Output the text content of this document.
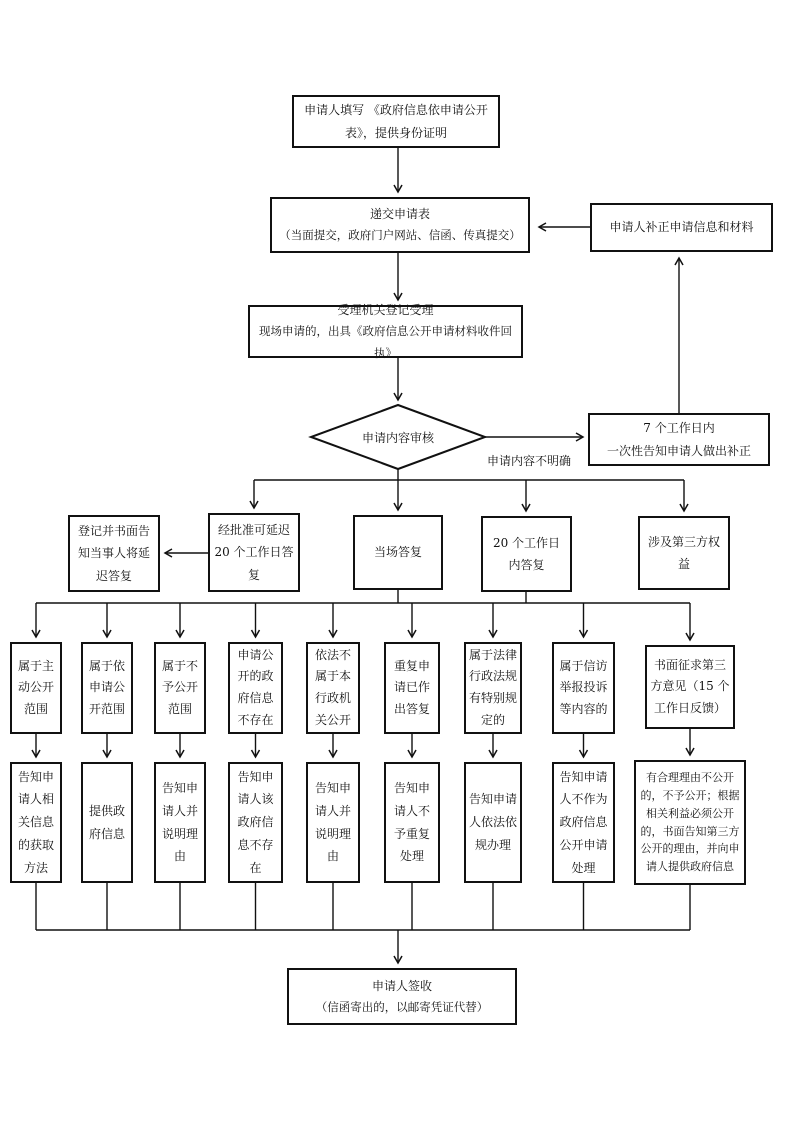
申请人填写 《政府信息依申请公开表》，提供身份证明
递交申请表
（当面提交，政府门户网站、信函、传真提交）
申请人补正申请信息和材料
受理机关登记受理
现场申请的，出具《政府信息公开申请材料收件回执》
申请内容审核
7 个工作日内
一次性告知申请人做出补正
申请内容不明确
登记并书面告知当事人将延迟答复
经批准可延迟 20 个工作日答复
当场答复
20 个工作日内答复
涉及第三方权益
属于主动公开范围
属于依申请公开范围
属于不予公开范围
申请公开的政府信息不存在
依法不属于本行政机关公开
重复申请已作出答复
属于法律行政法规有特别规定的
属于信访举报投诉等内容的
书面征求第三方意见（15 个工作日反馈）
告知申请人相关信息的获取方法
提供政府信息
告知申请人并说明理由
告知申请人该政府信息不存在
告知申请人并说明理由
告知申请人不予重复处理
告知申请人依法依规办理
告知申请人不作为政府信息公开申请处理
有合理理由不公开的，不予公开；根据相关利益必须公开的，书面告知第三方公开的理由，并向申请人提供政府信息
申请人签收
（信函寄出的，以邮寄凭证代替）
